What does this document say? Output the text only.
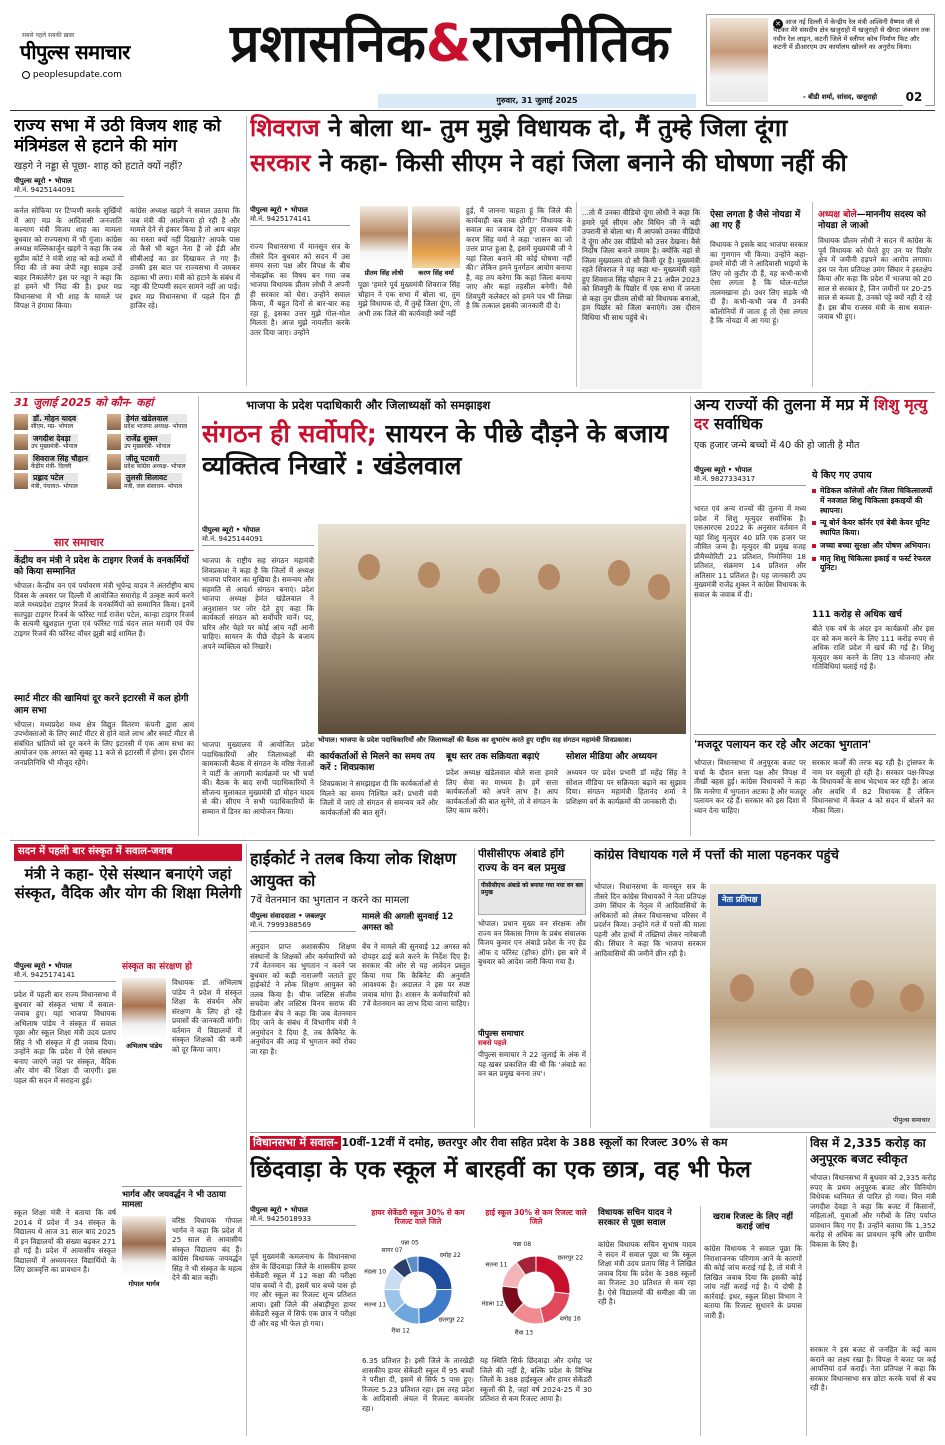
सबसे पहले सबकी ख़बर
पीपुल्स समाचार
peoplesupdate.com
प्रशासनिक&राजनीतिक
गुरुवार, 31 जुलाई 2025
✕ आज नई दिल्ली में केन्द्रीय रेल मंत्री अश्विनी वैष्णव जी से भेंटकर मेरे संसदीय क्षेत्र खजुराहो में खजुराहो से खैरदा जंक्शन तक नवीन रेल लाइन, कटनी जिले में स्लीपर कोच निर्माण फिट और कटनी में डीआरएम उप कार्यालय खोलने का अनुरोध किया।
- बीडी शर्मा, सांसद, खजुराहो 02
राज्य सभा में उठी विजय शाह को मंत्रिमंडल से हटाने की मांग
खड़गे ने नड्डा से पूछा- शाह को हटाते क्यों नहीं?
पीपुल्स ब्यूरो • भोपाल
मो.नं. 9425144091
कर्नल सोफिया पर टिप्पणी करके सुर्खियों में आए मप्र के आदिवासी जनजाति कल्याण मंत्री विजय शाह का मामला बुधवार को राज्यसभा में भी गूंजा। कांग्रेस अध्यक्ष मल्लिकार्जुन खड़गे ने कहा कि जब सुप्रीम कोर्ट ने मंत्री शाह को कड़े शब्दों में निंदा की तो क्या जेपी नड्डा साहब उन्हें बाहर निकालेंगे? इस पर नड्डा ने कहा कि हां हमने भी निंदा की है। इधर मप्र विधानसभा में भी शाह के मामले पर विपक्ष ने हंगामा किया।
कांग्रेस अध्यक्ष खड़गे ने सवाल उठाया कि जब मंत्री की आलोचना हो रही है और मामले देने से इंकार किया है तो आप बाहर का रास्ता क्यों नहीं दिखाते? आपके पास तो कैसे भी बहुत नेता हैं जो ईडी और सीबीआई का डर दिखाकर ले गए हैं। उनकी इस बात पर राज्यसभा में जमकर ठहाका भी लगा। मंत्री को हटाने के संबंध में नड्डा की टिप्पणी सदन सामने नहीं आ पाई। इधर मप्र विधानसभा में पहले दिन ही हाजिर रहे।
शिवराज ने बोला था- तुम मुझे विधायक दो, मैं तुम्हे जिला दूंगा
सरकार ने कहा- किसी सीएम ने वहां जिला बनाने की घोषणा नहीं की
पीपुल्स ब्यूरो • भोपाल
मो.नं. 9425174141
राज्य विधानसभा में मानसून सत्र के तीसरे दिन बुधवार को सदन में उस समय सत्ता पक्ष और विपक्ष के बीच नोकझोंक का विषय बन गया जब भाजपा विधायक प्रीतम लोधी ने अपनी ही सरकार को घेरा। उन्होंने सवाल किया, मैं बहुत दिनों से बार-बार कह रहा हूं, इसका उत्तर मुझे गोल-मोल मिलता है। आज मुझे नायलीत करके उतर दिया जाए। उन्होंने
प्रीतम सिंह लोधी	करण सिंह वर्मा
पूछा 'हमारे पूर्व मुख्यमंत्री शिवराज सिंह चौहान ने एक सभा में बोला था, तुम मुझे विधायक दो, मैं तुम्हें जिला दूंगा, तो अभी तक जिले की कार्यवाही क्यों नहीं
हुई, मैं जानना चाहता हूं कि जिले की कार्यवाही कब तक होगी?' विधायक के सवाल का जवाब देते हुए राजस्व मंत्री करण सिंह वर्मा ने कहा 'शासन का जो उत्तर प्राप्त हुआ है, इसमें मुख्यमंत्री जी ने यहां जिला बनाने की कोई घोषणा नहीं की।' लेकिन हमने पुनर्गठन आयोग बनाया है, वह तय करेगा कि कहां जिला बनाया जाए और कहां तहसील बनेगी। वैसे शिवपुरी कलेक्टर को हमने पत्र भी लिखा है कि तत्काल इसकी जानकारी दी दे।
...तो मैं उनका वीडियो दूंगा लोधी ने कहा कि हमारे पूर्व सीएम और विधिन जी ने बड़ी उपरानी से बोला था। मैं आपको उनका वीडियो दे दूंगा और उस वीडियो को उत्तर देखना। वैसे निर्दोष जिला बनाने तमाम है। क्योंकि वहां से जिला मुख्यालय दो सौ किमी दूर है। मुख्यमंत्री रहते शिवराज ने यह कहा था- मुख्यमंत्री रहते हुए शिवराज सिंह चौहान ने 21 अप्रैल 2023 को शिवपुरी के पिछोर में एक सभा में जनता से कहा तुम प्रीतम लोधी को विधायक बनाओ, हम पिछोर को जिला बनाएंगे। उस दौरान विधिया भी साथ पहुंचे थे।
ऐसा लगता है जैसे नोयडा में आ गए हैं
विधायक ने इसके बाद भाजपा सरकार का गुणगान भी किया। उन्होंने कहा-हमारे मोदी जी ने आदिवासी भाइयों के लिए जो कुटीर दी हैं, वह कभी-कभी ऐसा लगता है कि घोल-मटोल तालमखाना हो। उधर लिए सड़के भी दी हैं। कभी-कभी जब मैं उनकी कॉलोनियों में जाता हूं तो ऐसा लगता है कि नोयडा में आ गया हूं।
अध्यक्ष बोले—माननीय सदस्य को नोयडा ले जाओ
विधायक प्रीतम लोधी ने सदन में कांग्रेस के पूर्व विधायक को घेरते हुए उन पर पिछोर क्षेत्र में जमीनी हड़पने का आरोप लगाया। इस पर नेता प्रतिपक्ष उमंग सिंघार ने हस्तक्षेप किया और कहा कि प्रदेश में भाजपा को 20 साल से सरकार है, जिन जमीनों पर 20-25 साल से कब्जा है, उनको पट्टे क्यों नहीं दे रहे हैं। इस बीच राजस्व मंत्री के साथ सवाल-जवाब भी हुए।
31 जुलाई 2025 को कौन- कहां
डॉ. मोहन यादव
सीएम, मप्र- भोपाल
हेमंत खंडेलवाल
प्रदेश भाजपा अध्यक्ष- भोपाल
जगदीश देवड़ा
उप मुख्यमंत्री- भोपाल
राजेंद्र शुक्ल
उप मुख्यमंत्री- भोपाल
शिवराज सिंह चौहान
केंद्रीय मंत्री- दिल्ली
जीतू पटवारी
प्रदेश कांग्रेस अध्यक्ष- भोपाल
प्रह्लाद पटेल
मंत्री, पंचायत- भोपाल
तुलसी सिलावट
मंत्री, जल संसाधन- भोपाल
सार समाचार
केंद्रीय वन मंत्री ने प्रदेश के टाइगर रिजर्व के वनकर्मियों को किया सम्मानित
भोपाल। केन्द्रीय वन एवं पर्यावरण मंत्री भूपेन्द्र यादव ने अंतर्राष्ट्रीय बाघ दिवस के अवसर पर दिल्ली में आयोजित समारोह में उत्कृष्ट कार्य करने वाले मध्यप्रदेश टाइगर रिजर्व के वनकर्मियों को सम्मानित किया। इनमें सतपुड़ा टाइगर रिजर्व के फॉरेस्ट गार्ड राजेश पटेल, कान्हा टाइगर रिजर्व के सत्यमी खुशहाल गुप्ता एवं फॉरेस्ट गार्ड चंदन लाल मरावी एवं पेंच टाइगर रिजर्व की फॉरेस्ट वॉचर झुन्नी बाई शामिल हैं।
स्मार्ट मीटर की खामियां दूर करने इटारसी में कल होगी आम सभा
भोपाल। मध्यप्रदेश मध्य क्षेत्र विद्युत वितरण कंपनी द्वारा आम उपभोक्ताओं के लिए स्मार्ट मीटर से होने वाले लाभ और स्मार्ट मीटर से संबंधित भ्रांतियों को दूर करने के लिए इटारसी में एक आम सभा का आयोजन एक अगस्त को सुबह 11 बजे से इटारसी में होगा। इस दौरान जनप्रतिनिधि भी मौजूद रहेंगे।
भाजपा के प्रदेश पदाधिकारी और जिलाध्यक्षों को समझाइश
संगठन ही सर्वोपरि; सायरन के पीछे दौड़ने के बजाय व्यक्तित्व निखारें : खंडेलवाल
पीपुल्स ब्यूरो • भोपाल
मो.नं. 9425144091
भाजपा के राष्ट्रीय सह संगठन महामंत्री शिवप्रकाश ने कहा है कि जिलों में अध्यक्ष भाजपा परिवार का मुखिया है। समन्वय और सहमति से आदर्श संगठन बनाएं। प्रदेश भाजपा अध्यक्ष हेमंत खंडेलवाल ने अनुशासन पर जोर देते हुए कहा कि कार्यकर्ता संगठन को सर्वोपरि मानें। पद, चरित्र और चेहरे पर कोई आंच नहीं आनी चाहिए। सायरन के पीछे दौड़ने के बजाय अपने व्यक्तित्व को निखारें।
भाजपा मुख्यालय में आयोजित प्रदेश पदाधिकारियों और जिलाध्यक्षों की कामकाजी बैठक में संगठन के वरिष्ठ नेताओं ने पार्टी के आगामी कार्यक्रमों पर भी चर्चा की। बैठक के बाद सभी पदाधिकारियों ने सौजन्य मुलाकात मुख्यमंत्री डॉ मोहन यादव से की। सीएम ने सभी पदाधिकारियों के सम्मान में डिनर का आयोजन किया।
भोपाल। भाजपा के प्रदेश पदाधिकारियों और जिलाध्यक्षों की बैठक का शुभारंभ करते हुए राष्ट्रीय सह संगठन महामंत्री शिवप्रकाश।
कार्यकर्ताओं से मिलने का समय तय करें : शिवप्रकाश
शिवप्रकाश ने समझाइश दी कि कार्यकर्ताओं से मिलने का समय निश्चित करें। प्रभारी मंत्री जिलों में जाएं तो संगठन से समन्वय करें और कार्यकर्ताओं की बात सुनें।
बूथ स्तर तक सक्रियता बढ़ाएं
प्रदेश अध्यक्ष खंडेलवाल बोले सत्ता हमारे लिए सेवा का माध्यम है। हमें सत्ता कार्यकर्ताओं को अपने लाभ है। आप कार्यकर्ताओं की बात सुनेंगे, तो वे संगठन के लिए काम करेंगे।
सोशल मीडिया और अध्ययन
अध्ययन पर प्रदेश प्रभारी डॉ महेंद्र सिंह ने सोशल मीडिया पर सक्रियता बढ़ाने का सुझाव दिया। संगठन महामंत्री हितानंद शर्मा ने प्रशिक्षण वर्ग के कार्यक्रमों की जानकारी दी।
अन्य राज्यों की तुलना में मप्र में शिशु मृत्यु दर सर्वाधिक
एक हजार जन्मे बच्चों में 40 की हो जाती है मौत
पीपुल्स ब्यूरो • भोपाल
मो.नं. 9827334317
भारत एवं अन्य राज्यों की तुलना में मध्य प्रदेश में शिशु मृत्युदर सर्वाधिक है। एसआरएस 2022 के अनुसार वर्तमान में यहां शिशु मृत्युदर 40 प्रति एक हजार पर जीवित जन्म है। मृत्युदर की प्रमुख वजह प्रीमैच्योरिटी 21 प्रतिशत, निमोनिया 18 प्रतिशत, संक्रमण 14 प्रतिशत और अतिसार 11 प्रतिशत है। यह जानकारी उप मुख्यमंत्री राजेंद्र शुक्ल ने कांग्रेस विधायक के सवाल के जवाब में दी।
ये किए गए उपाय
मेडिकल कॉलेजों और जिला चिकित्सालयों में नवजात शिशु चिकित्सा इकाइयों की स्थापना।
न्यू बोर्न केयर कॉर्नर एवं बेबी केयर यूनिट स्थापित किया।
जच्चा बच्चा सुरक्षा और पोषण अभियान।
मातृ शिशु चिकित्सा इकाई व फर्स्ट रेफरल यूनिट।
111 करोड़ से अधिक खर्च
बीते एक वर्ष के अंदर इन कार्यक्रमों और इस दर को कम करने के लिए 111 करोड़ रुपए से अधिक राशि प्रदेश में खर्च की गई है। शिशु मृत्युदर कम करने के लिए 13 योजनाएं और गतिविधियां चलाई गई हैं।
'मजदूर पलायन कर रहे और अटका भुगतान'
भोपाल। विधानसभा में अनुपूरक बजट पर चर्चा के दौरान सत्ता पक्ष और विपक्ष में तीखी बहस हुई। कांग्रेस विधायकों ने कहा कि मनरेगा में भुगतान अटका है और मजदूर पलायन कर रहे हैं। सरकार को इस दिशा में ध्यान देना चाहिए।
सरकार कर्जों की तरफ बढ़ रही है। ट्रांसफर के नाम पर वसूली हो रही है। सरकार पक्ष-विपक्ष के विधायकों के साथ भेदभाव कर रही है। आज और अवधि में 82 विधायक हैं लेकिन विधानसभा में केवल 4 को सदन में बोलने का मौका मिला।
सदन में पहली बार संस्कृत में सवाल-जवाब
मंत्री ने कहा- ऐसे संस्थान बनाएंगे जहां संस्कृत, वैदिक और योग की शिक्षा मिलेगी
पीपुल्स ब्यूरो • भोपाल
मो.नं. 9425174141
प्रदेश में पहली बार राज्य विधानसभा में बुधवार को संस्कृत भाषा में सवाल-जवाब हुए। यहां भाजपा विधायक अभिलाष पांडेय ने संस्कृत में सवाल पूछा और स्कूल शिक्षा मंत्री उदय प्रताप सिंह ने भी संस्कृत में ही जवाब दिया। उन्होंने कहा कि प्रदेश में ऐसे संस्थान बनाए जाएंगे जहां पर संस्कृत, वैदिक और योग की शिक्षा दी जाएगी। इस पहल की सदन में सराहना हुई।
संस्कृत का संरक्षण हो
अभिलाष पांडेय
विधायक डॉ. अभिलाष पांडेय ने प्रदेश में संस्कृत शिक्षा के संवर्धन और संरक्षण के लिए हो रहे प्रयासों की जानकारी मांगी। वर्तमान में विद्यालयों में संस्कृत शिक्षकों की कमी को दूर किया जाए।
भार्गव और जयवर्द्धन ने भी उठाया मामला
गोपाल भार्गव
वरिष्ठ विधायक गोपाल भार्गव ने कहा कि प्रदेश में 25 साल से आवासीय संस्कृत विद्यालय बंद हैं। कांग्रेस विधायक जयवर्द्धन सिंह ने भी संस्कृत के महत्व देने की बात कही।
स्कूल शिक्षा मंत्री ने बताया कि वर्ष 2014 में प्रदेश में 34 संस्कृत के विद्यालय थे आज 31 साल बाद 2025 में इन विद्यालयों की संख्या बढ़कर 271 हो गई है। प्रदेश में आवासीय संस्कृत विद्यालयों में अध्ययनरत विद्यार्थियों के लिए छात्रवृत्ति का प्रावधान है।
हाईकोर्ट ने तलब किया लोक शिक्षण आयुक्त को
7वें वेतनमान का भुगतान न करने का मामला
पीपुल्स संवाददाता • जबलपुर
मो.नं. 7999388569
मामले की अगली सुनवाई 12 अगस्त को
अनुदान प्राप्त अशासकीय शिक्षण संस्थानों के शिक्षकों और कर्मचारियों को 7वें वेतनमान का भुगतान न करने पर बुधवार को कड़ी नाराजगी जताते हुए हाईकोर्ट ने लोक शिक्षण आयुक्त को तलब किया है। चीफ जस्टिस संजीव सचदेवा और जस्टिस विनय सराफ की डिवीजन बेंच ने कहा कि जब वेतनमान दिए जाने के संबंध में विभागीय मंत्री ने अनुमोदन दे दिया है, तब कैबिनेट के अनुमोदन की आड़ में भुगतान क्यों रोका जा रहा है।
बेंच ने मामले की सुनवाई 12 अगस्त को दोपहर ढाई बजे करने के निर्देश दिए हैं। सरकार की ओर से यह आवेदन प्रस्तुत किया गया कि कैबिनेट की अनुमति आवश्यक है। अदालत ने इस पर स्पष्ट जवाब मांगा है। शासन के कर्मचारियों को 7वें वेतनमान का लाभ दिया जाना चाहिए।
पीसीसीएफ अंबाडे होंगे राज्य के वन बल प्रमुख
पीसीसीएफ अंबाडे को बनाया गया नया वन बल प्रमुख
भोपाल। प्रधान मुख्य वन संरक्षक और राज्य वन विकास निगम के प्रबंध संचालक विजय कुमार एन अंबाडे प्रदेश के नए हेड ऑफ द फॉरेस्ट (हॉफ) होंगे। इस बारे में बुधवार को आदेश जारी किया गया है।
पीपुल्स समाचार
सबसे पहले
पीपुल्स समाचार ने 22 जुलाई के अंक में यह खबर प्रकाशित की थी कि 'अंबाडे का वन बल प्रमुख बनना तय'।
कांग्रेस विधायक गले में पत्तों की माला पहनकर पहुंचे
भोपाल। विधानसभा के मानसून सत्र के तीसरे दिन कांग्रेस विधायकों ने नेता प्रतिपक्ष उमंग सिंघार के नेतृत्व में आदिवासियों के अधिकारों को लेकर विधानसभा परिसर में प्रदर्शन किया। उन्होंने गले में पत्तों की माला पहनी और हाथों में तख्तियां लेकर नारेबाजी की। सिंघार ने कहा कि भाजपा सरकार आदिवासियों की जमीनें छीन रही है।
नेता प्रतिपक्ष
पीपुल्स समाचार
विधानसभा में सवाल- 10वीं-12वीं में दमोह, छतरपुर और रीवा सहित प्रदेश के 388 स्कूलों का रिजल्ट 30% से कम
छिंदवाड़ा के एक स्कूल में बारहवीं का एक छात्र, वह भी फेल
पीपुल्स ब्यूरो • भोपाल
मो.नं. 9425018933
पूर्व मुख्यमंत्री कमलनाथ के विधानसभा क्षेत्र के छिंदवाड़ा जिले के शासकीय हायर सेकेंडरी स्कूल में 12 कक्षा की परीक्षा पांच बच्चों ने दी, इसमें चार बच्चे पास हो गए और स्कूल का रिजल्ट शून्य प्रतिशत आया। इसी जिले की अंबाड़ीपुरा हायर सेकेंडरी स्कूल में सिर्फ एक छात्र ने परीक्षा दी और वह भी फेल हो गया।
हायर सेकेंडरी स्कूल 30% से कम रिजल्ट वाले जिले
दमोह 22
छतरपुर 22
रीवा 12
सतना 11
मंडला 10
सागर 07
पन्ना 05
हाई स्कूल 30% से कम रिजल्ट वाले जिले
छतरपुर 22
दमोह 16
रीवा 13
मंडला 12
सतना 11
पन्ना 08
6.35 प्रतिशत है। इसी जिले के तारखेड़ी शासकीय हायर सेकेंडरी स्कूल में 95 बच्चों ने परीक्षा दी, इसमें से सिर्फ 5 पास हुए। रिजल्ट 5.23 प्रतिशत रहा। इस तरह प्रदेश के आदिवासी अंचल में रिजल्ट कमजोर रहा।
यह स्थिति सिर्फ छिंदवाड़ा और दमोह पर जिले की नहीं है, बल्कि प्रदेश के विभिन्न जिलों के 388 हाईस्कूल और हायर सेकेंडरी स्कूलों की है, जहां वर्ष 2024-25 में 30 प्रतिशत से कम रिजल्ट आया है।
विधायक सचिन यादव ने सरकार से पूछा सवाल
कांग्रेस विधायक सचिन सुभाष यादव ने सदन में सवाल पूछा था कि स्कूल शिक्षा मंत्री उदय प्रताप सिंह ने लिखित जवाब दिया कि प्रदेश के 388 स्कूलों का रिजल्ट 30 प्रतिशत से कम रहा है। ऐसे विद्यालयों की समीक्षा की जा रही है।
खराब रिजल्ट के लिए नहीं कराई जांच
कांग्रेस विधायक ने सवाल पूछा कि निराशाजनक परिणाम आने के कारणों की कोई जांच कराई गई है, तो मंत्री ने लिखित जवाब दिया कि इसकी कोई जांच नहीं कराई गई है। ये दोषी है कार्रवाई: इधर, स्कूल शिक्षा विभाग ने बताया कि रिजल्ट सुधारने के प्रयास जारी हैं।
विस में 2,335 करोड़ का अनुपूरक बजट स्वीकृत
भोपाल। विधानसभा में बुधवार को 2,335 करोड़ रुपए के प्रथम अनुपूरक बजट और विनियोग विधेयक ध्वनिमत से पारित हो गया। वित्त मंत्री जगदीश देवड़ा ने कहा कि बजट में किसानों, महिलाओं, युवाओं और गरीबों के लिए पर्याप्त प्रावधान किए गए हैं। उन्होंने बताया कि 1,352 करोड़ से अधिक का प्रावधान कृषि और ग्रामीण विकास के लिए है।
सरकार ने इस बजट से जनहित के कई काम कराने का लक्ष्य रखा है। विपक्ष ने बजट पर कई आपत्तियां दर्ज कराईं। नेता प्रतिपक्ष ने कहा कि सरकार विधानसभा सत्र छोटा करके चर्चा से बच रही है।
